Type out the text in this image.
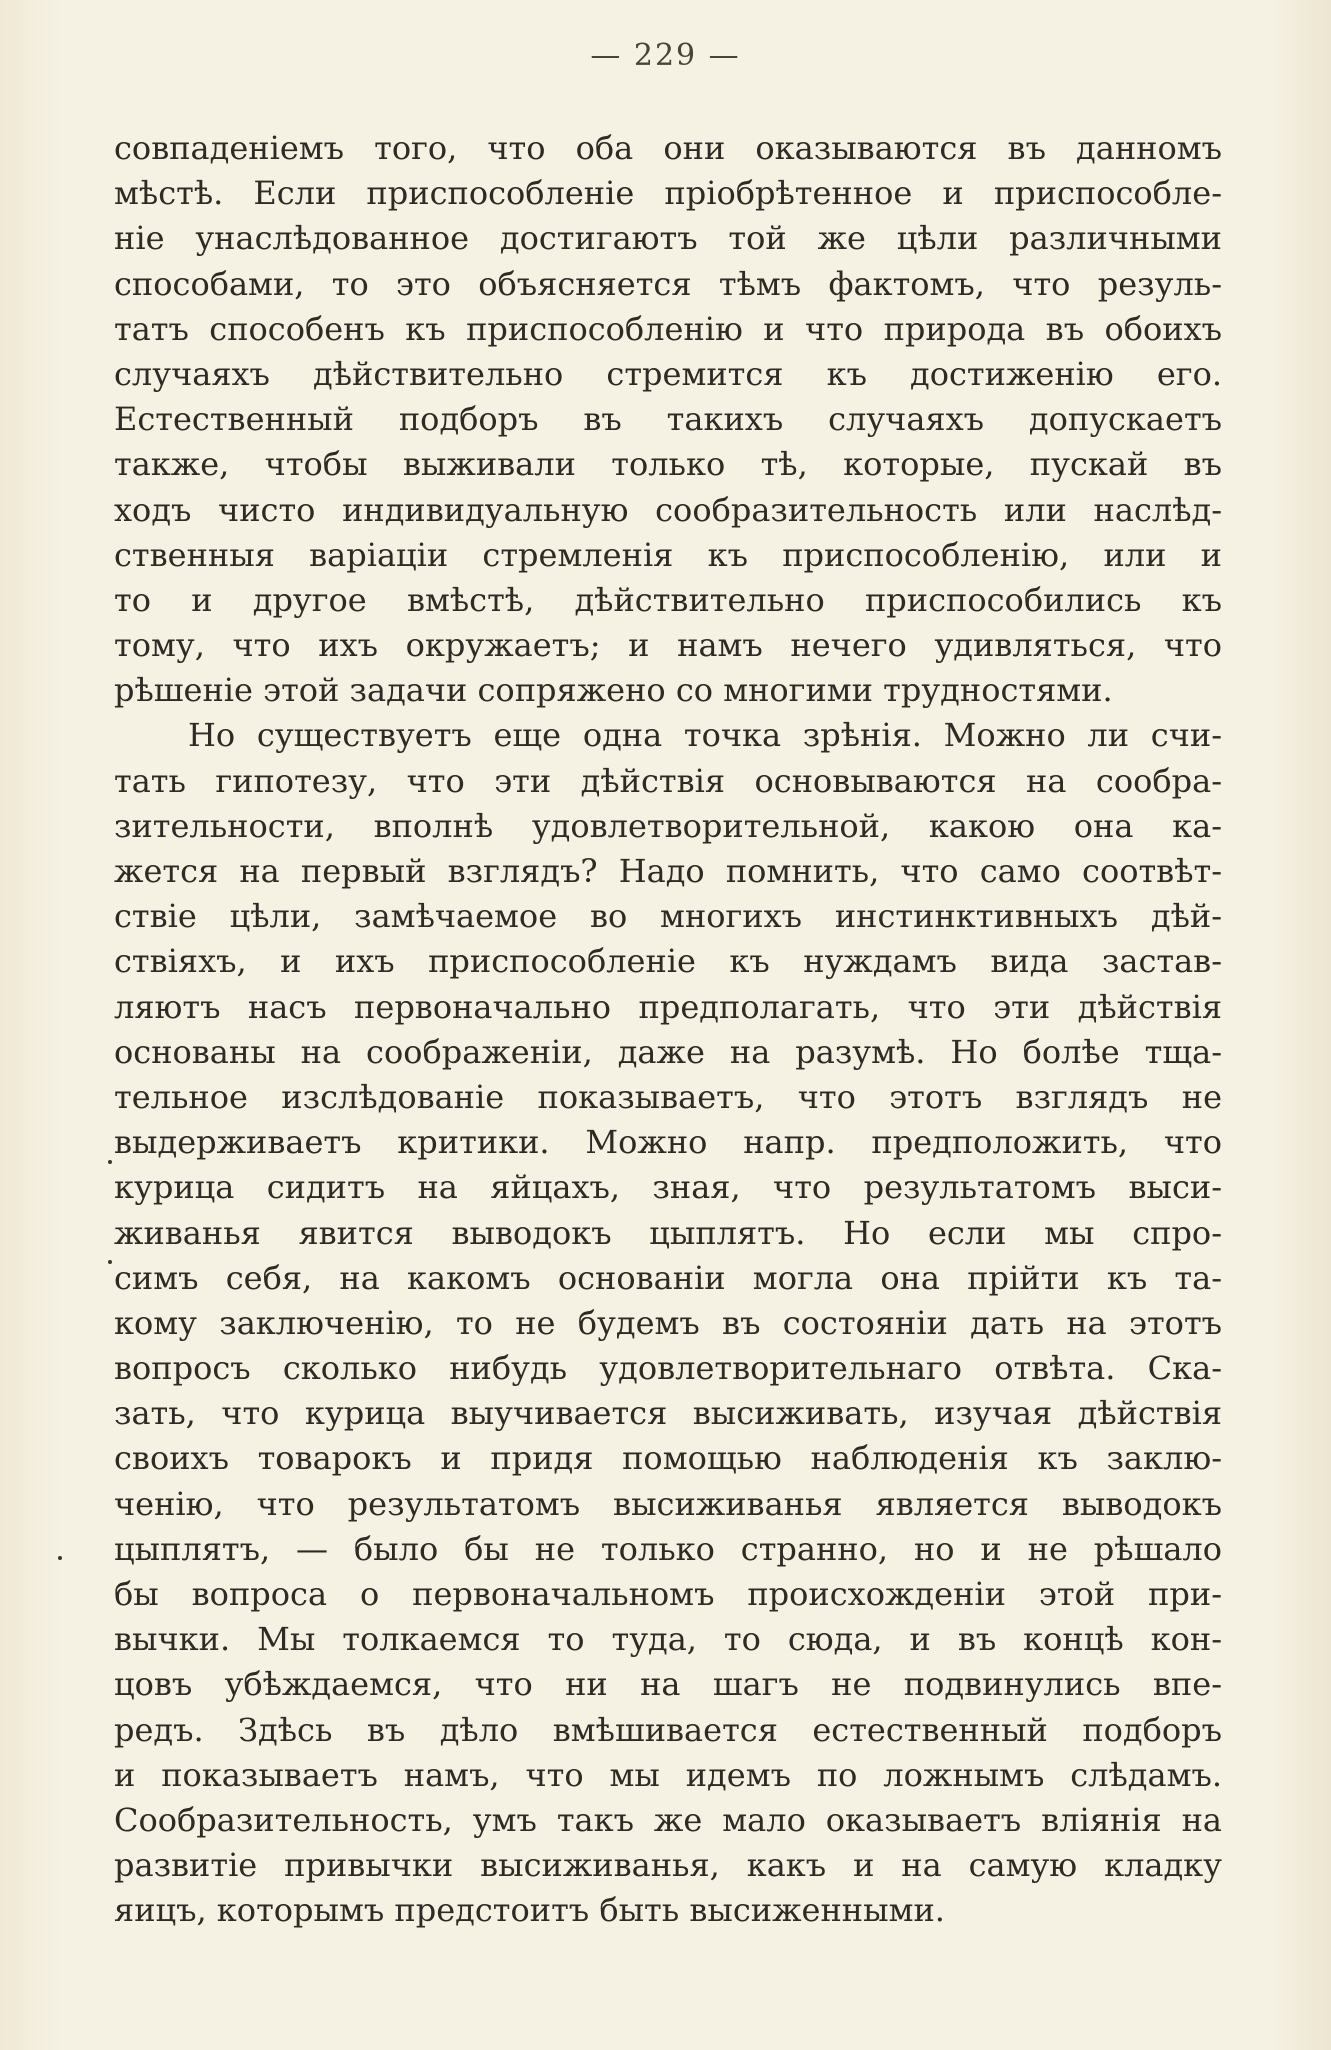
— 229 —
совпаденіемъ того, что оба они оказываются въ данномъ
мѣстѣ. Если приспособленіе пріобрѣтенное и приспособле-
ніе унаслѣдованное достигаютъ той же цѣли различными
способами, то это объясняется тѣмъ фактомъ, что резуль-
татъ способенъ къ приспособленію и что природа въ обоихъ
случаяхъ дѣйствительно стремится къ достиженію его.
Естественный подборъ въ такихъ случаяхъ допускаетъ
также, чтобы выживали только тѣ, которые, пускай въ
ходъ чисто индивидуальную сообразительность или наслѣд-
ственныя варіаціи стремленія къ приспособленію, или и
то и другое вмѣстѣ, дѣйствительно приспособились къ
тому, что ихъ окружаетъ; и намъ нечего удивляться, что
рѣшеніе этой задачи сопряжено со многими трудностями.
Но существуетъ еще одна точка зрѣнія. Можно ли счи-
тать гипотезу, что эти дѣйствія основываются на сообра-
зительности, вполнѣ удовлетворительной, какою она ка-
жется на первый взглядъ? Надо помнить, что само соотвѣт-
ствіе цѣли, замѣчаемое во многихъ инстинктивныхъ дѣй-
ствіяхъ, и ихъ приспособленіе къ нуждамъ вида застав-
ляютъ насъ первоначально предполагать, что эти дѣйствія
основаны на соображеніи, даже на разумѣ. Но болѣе тща-
тельное изслѣдованіе показываетъ, что этотъ взглядъ не
выдерживаетъ критики. Можно напр. предположить, что
курица сидитъ на яйцахъ, зная, что результатомъ выси-
живанья явится выводокъ цыплятъ. Но если мы спро-
симъ себя, на какомъ основаніи могла она прійти къ та-
кому заключенію, то не будемъ въ состояніи дать на этотъ
вопросъ сколько нибудь удовлетворительнаго отвѣта. Ска-
зать, что курица выучивается высиживать, изучая дѣйствія
своихъ товарокъ и придя помощью наблюденія къ заклю-
ченію, что результатомъ высиживанья является выводокъ
цыплятъ, — было бы не только странно, но и не рѣшало
бы вопроса о первоначальномъ происхожденіи этой при-
вычки. Мы толкаемся то туда, то сюда, и въ концѣ кон-
цовъ убѣждаемся, что ни на шагъ не подвинулись впе-
редъ. Здѣсь въ дѣло вмѣшивается естественный подборъ
и показываетъ намъ, что мы идемъ по ложнымъ слѣдамъ.
Сообразительность, умъ такъ же мало оказываетъ вліянія на
развитіе привычки высиживанья, какъ и на самую кладку
яицъ, которымъ предстоитъ быть высиженными.
